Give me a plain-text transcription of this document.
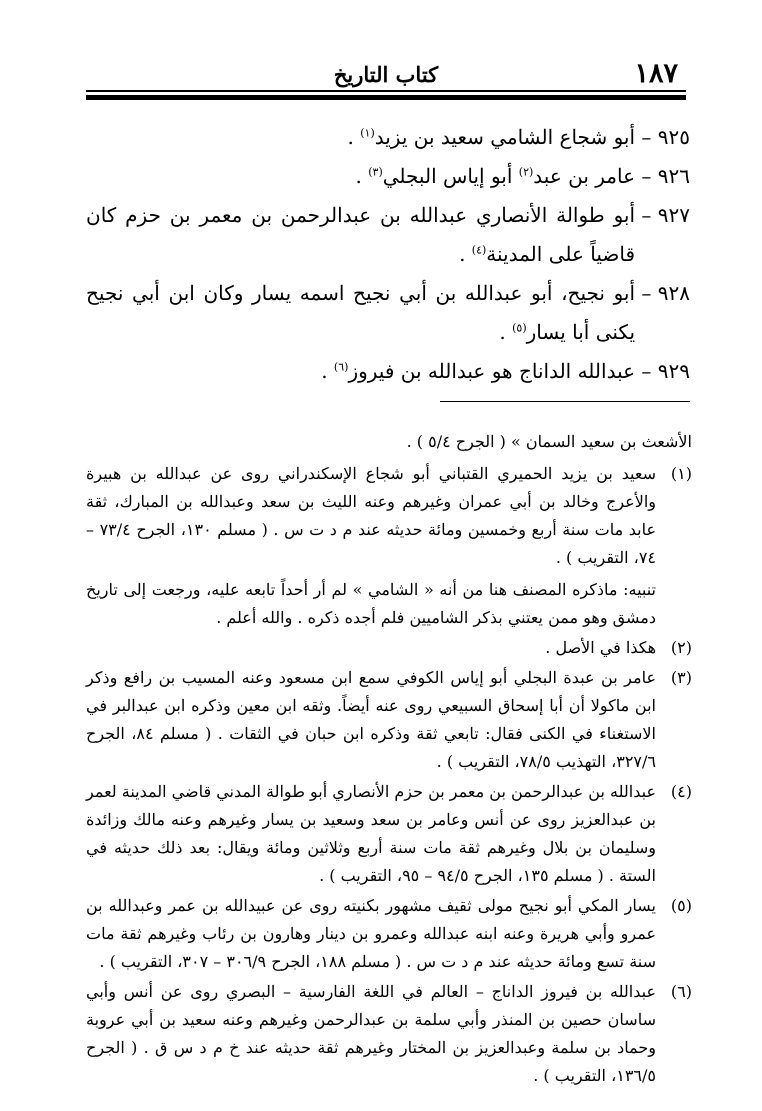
١٨٧
كتاب التاريخ
٩٢٥ –

أبو شجاع الشامي سعيد بن يزيد$^{(١)}$ .
٩٢٦ –

عامر بن عبد$^{(٢)}$ أبو إياس البجلي$^{(٣)}$ .
٩٢٧ –

أبو طوالة الأنصاري عبدالله بن عبدالرحمن بن معمر بن حزم كان قاضياً على المدينة$^{(٤)}$ .
٩٢٨ –

أبو نجيح، أبو عبدالله بن أبي نجيح اسمه يسار وكان ابن أبي نجيح يكنى أبا يسار$^{(٥)}$ .
٩٢٩ –

عبدالله الداناج هو عبدالله بن فيروز$^{(٦)}$ .
الأشعث بن سعيد السمان » ( الجرح ٥/٤ ) .
(١)
سعيد بن يزيد الحميري القتباني أبو شجاع الإسكندراني روى عن عبدالله بن هبيرة والأعرج وخالد بن أبي عمران وغيرهم وعنه الليث بن سعد وعبدالله بن المبارك، ثقة عابد مات سنة أربع وخمسين ومائة حديثه عند م د ت س . ( مسلم ١٣٠، الجرح ٧٣/٤ – ٧٤، التقريب ) .
تنبيه: ماذكره المصنف هنا من أنه « الشامي » لم أر أحداً تابعه عليه، ورجعت إلى تاريخ دمشق وهو ممن يعتني بذكر الشاميين فلم أجده ذكره . والله أعلم .
(٢)
هكذا في الأصل .
(٣)
عامر بن عبدة البجلي أبو إياس الكوفي سمع ابن مسعود وعنه المسيب بن رافع وذكر ابن ماكولا أن أبا إسحاق السبيعي روى عنه أيضاً. وثقه ابن معين وذكره ابن عبدالبر في الاستغناء في الكنى فقال: تابعي ثقة وذكره ابن حبان في الثقات . ( مسلم ٨٤، الجرح ٣٢٧/٦، التهذيب ٧٨/٥، التقريب ) .
(٤)
عبدالله بن عبدالرحمن بن معمر بن حزم الأنصاري أبو طوالة المدني قاضي المدينة لعمر بن عبدالعزيز روى عن أنس وعامر بن سعد وسعيد بن يسار وغيرهم وعنه مالك وزائدة وسليمان بن بلال وغيرهم ثقة مات سنة أربع وثلاثين ومائة ويقال: بعد ذلك حديثه في الستة . ( مسلم ١٣٥، الجرح ٩٤/٥ – ٩٥، التقريب ) .
(٥)
يسار المكي أبو نجيح مولى ثقيف مشهور بكنيته روى عن عبيدالله بن عمر وعبدالله بن عمرو وأبي هريرة وعنه ابنه عبدالله وعمرو بن دينار وهارون بن رئاب وغيرهم ثقة مات سنة تسع ومائة حديثه عند م د ت س . ( مسلم ١٨٨، الجرح ٣٠٦/٩ – ٣٠٧، التقريب ) .
(٦)
عبدالله بن فيروز الداناج – العالم في اللغة الفارسية – البصري روى عن أنس وأبي ساسان حصين بن المنذر وأبي سلمة بن عبدالرحمن وغيرهم وعنه سعيد بن أبي عروبة وحماد بن سلمة وعبدالعزيز بن المختار وغيرهم ثقة حديثه عند خ م د س ق . ( الجرح ١٣٦/٥، التقريب ) .
